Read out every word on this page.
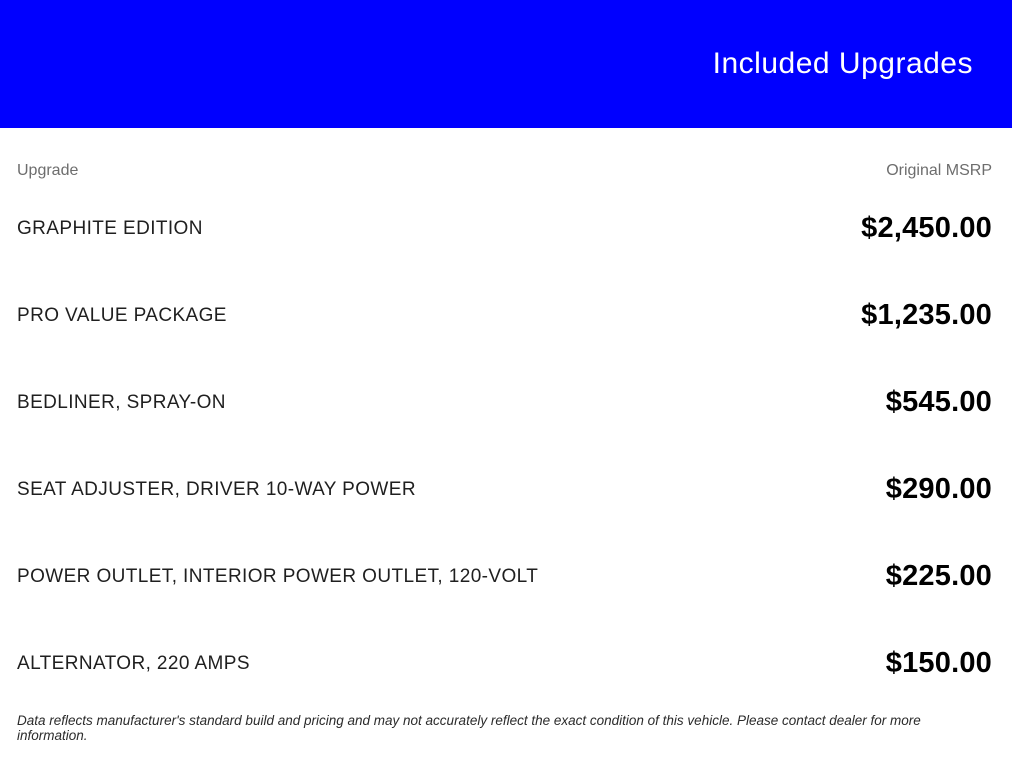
Included Upgrades
Upgrade	Original MSRP
GRAPHITE EDITION	$2,450.00
PRO VALUE PACKAGE	$1,235.00
BEDLINER, SPRAY-ON	$545.00
SEAT ADJUSTER, DRIVER 10-WAY POWER	$290.00
POWER OUTLET, INTERIOR POWER OUTLET, 120-VOLT	$225.00
ALTERNATOR, 220 AMPS	$150.00

Data reflects manufacturer's standard build and pricing and may not accurately reflect the exact condition of this vehicle. Please contact dealer for more information.
